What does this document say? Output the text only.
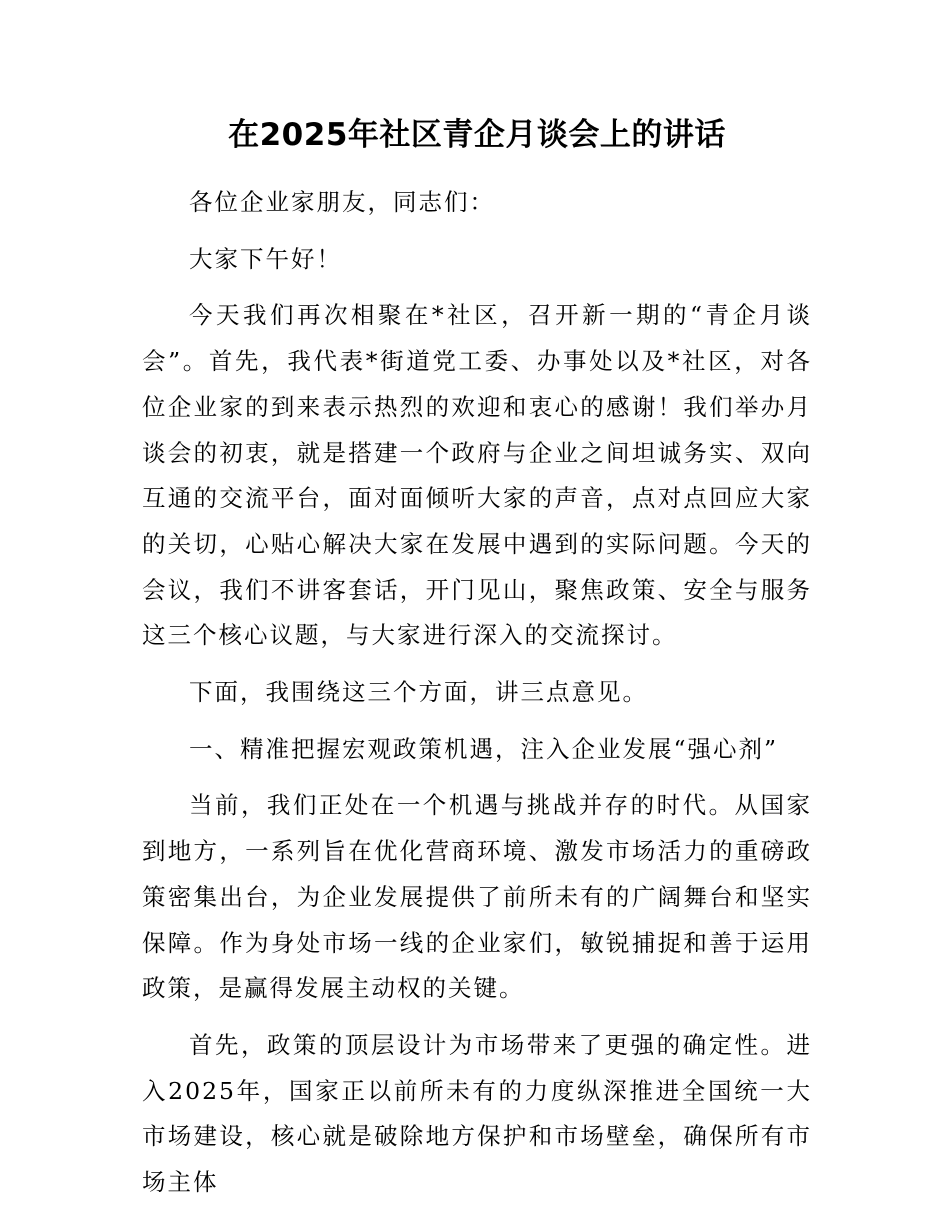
在2025年社区青企月谈会上的讲话

各位企业家朋友，同志们：

大家下午好！

今天我们再次相聚在*社区，召开新一期的“青企月谈会”。首先，我代表*街道党工委、办事处以及*社区，对各位企业家的到来表示热烈的欢迎和衷心的感谢！我们举办月谈会的初衷，就是搭建一个政府与企业之间坦诚务实、双向互通的交流平台，面对面倾听大家的声音，点对点回应大家的关切，心贴心解决大家在发展中遇到的实际问题。今天的会议，我们不讲客套话，开门见山，聚焦政策、安全与服务这三个核心议题，与大家进行深入的交流探讨。

下面，我围绕这三个方面，讲三点意见。

一、精准把握宏观政策机遇，注入企业发展“强心剂”

当前，我们正处在一个机遇与挑战并存的时代。从国家到地方，一系列旨在优化营商环境、激发市场活力的重磅政策密集出台，为企业发展提供了前所未有的广阔舞台和坚实保障。作为身处市场一线的企业家们，敏锐捕捉和善于运用政策，是赢得发展主动权的关键。

首先，政策的顶层设计为市场带来了更强的确定性。进入2025年，国家正以前所未有的力度纵深推进全国统一大市场建设，核心就是破除地方保护和市场壁垒，确保所有市场主体
